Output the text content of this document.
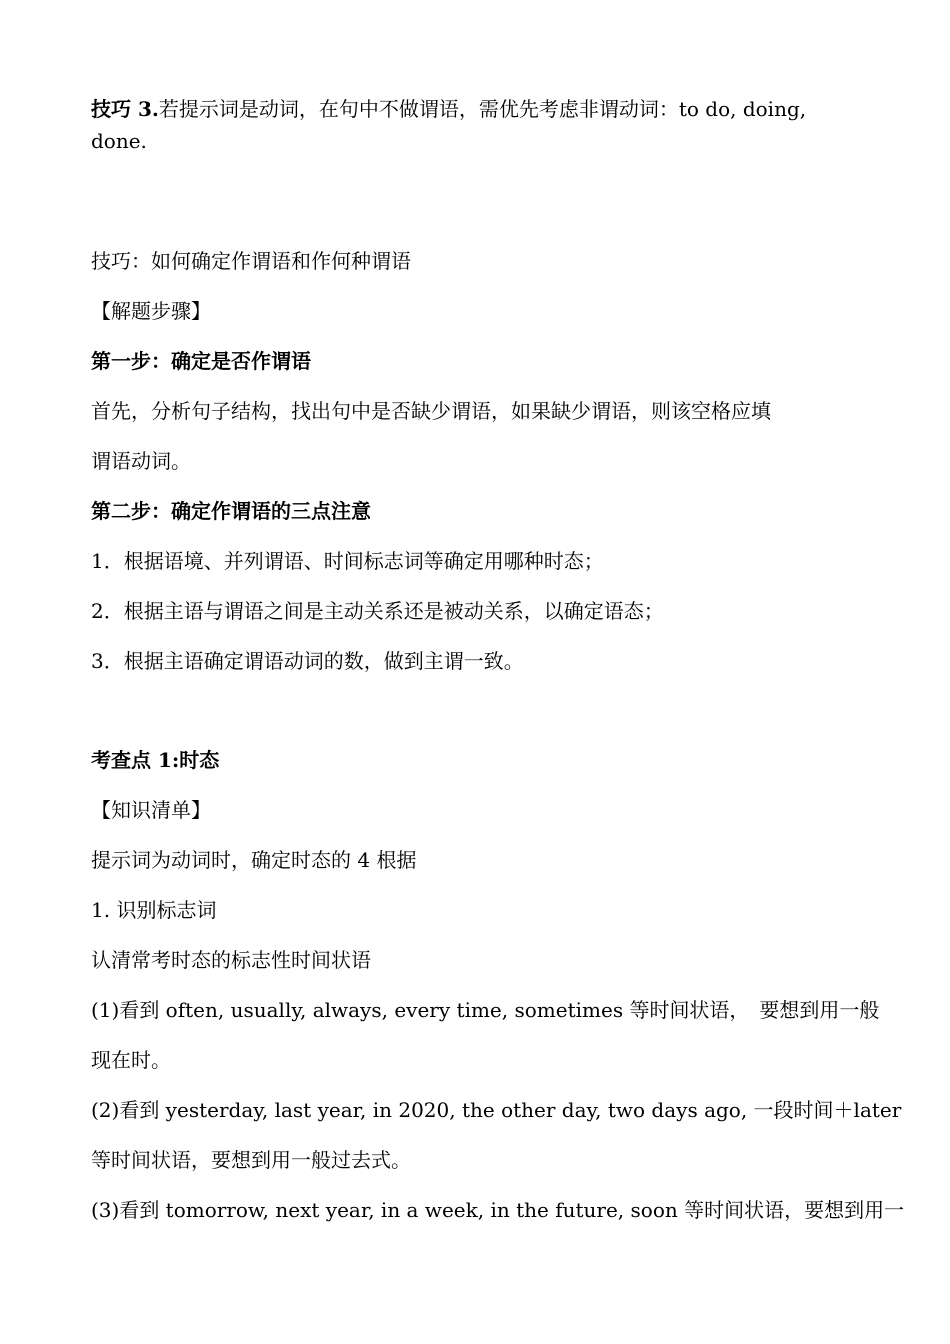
技巧 3.若提示词是动词，在句中不做谓语，需优先考虑非谓动词：to do, doing,
done.
技巧：如何确定作谓语和作何种谓语
【解题步骤】
第一步：确定是否作谓语
首先，分析句子结构，找出句中是否缺少谓语，如果缺少谓语，则该空格应填
谓语动词。
第二步：确定作谓语的三点注意
1．根据语境、并列谓语、时间标志词等确定用哪种时态；
2．根据主语与谓语之间是主动关系还是被动关系，以确定语态；
3．根据主语确定谓语动词的数，做到主谓一致。
考查点 1:时态
【知识清单】
提示词为动词时，确定时态的 4 根据
1. 识别标志词
认清常考时态的标志性时间状语
(1)看到 often, usually, always, every time, sometimes 等时间状语，　要想到用一般
现在时。
(2)看到 yesterday, last year, in 2020, the other day, two days ago, 一段时间＋later
等时间状语，要想到用一般过去式。
(3)看到 tomorrow, next year, in a week, in the future, soon 等时间状语，要想到用一
